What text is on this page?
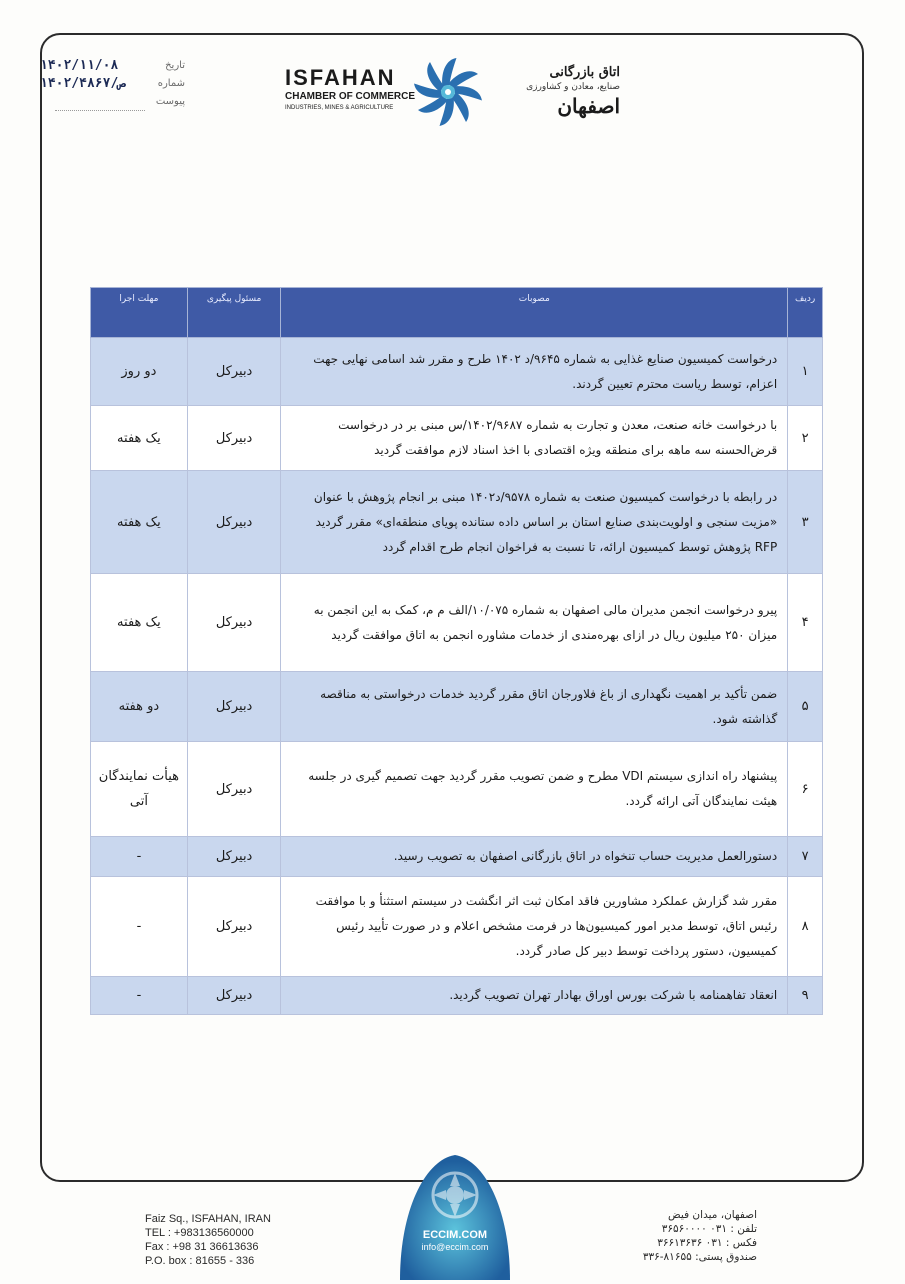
تاریخ
۱۴۰۲/۱۱/۰۸
شماره
۱۴۰۲/ص/۴۸۶۷
پیوست
ISFAHAN
CHAMBER OF COMMERCE
INDUSTRIES, MINES & AGRICULTURE
اتاق بازرگانی
صنایع، معادن و کشاورزی
اصفهان
ردیف	مصوبات	مسئول پیگیری	مهلت اجرا
۱	درخواست کمیسیون صنایع غذایی به شماره ۹۶۴۵/د ۱۴۰۲ طرح و مقرر شد اسامی نهایی جهت اعزام، توسط ریاست محترم تعیین گردند.	دبیرکل	دو روز
۲	با درخواست خانه صنعت، معدن و تجارت به شماره ۱۴۰۲/۹۶۸۷/س مبنی بر در درخواست قرض‌الحسنه سه ماهه برای منطقه ویژه اقتصادی با اخذ اسناد لازم موافقت گردید	دبیرکل	یک هفته
۳	در رابطه با درخواست کمیسیون صنعت به شماره ۹۵۷۸/د۱۴۰۲ مبنی بر انجام پژوهش با عنوان «مزیت سنجی و اولویت‌بندی صنایع استان بر اساس داده ستانده پویای منطقه‌ای» مقرر گردید RFP پژوهش توسط کمیسیون ارائه، تا نسبت به فراخوان انجام طرح اقدام گردد	دبیرکل	یک هفته
۴	پیرو درخواست انجمن مدیران مالی اصفهان به شماره ۱۰/۰۷۵/الف م م، کمک به این انجمن به میزان ۲۵۰ میلیون ریال در ازای بهره‌مندی از خدمات مشاوره انجمن به اتاق موافقت گردید	دبیرکل	یک هفته
۵	ضمن تأکید بر اهمیت نگهداری از باغ فلاورجان اتاق مقرر گردید خدمات درخواستی به مناقصه گذاشته شود.	دبیرکل	دو هفته
۶	پیشنهاد راه اندازی سیستم VDI مطرح و ضمن تصویب مقرر گردید جهت تصمیم گیری در جلسه هیئت نمایندگان آتی ارائه گردد.	دبیرکل	هیأت نمایندگان آتی
۷	دستورالعمل مدیریت حساب تنخواه در اتاق بازرگانی اصفهان به تصویب رسید.	دبیرکل	-
۸	مقرر شد گزارش عملکرد مشاورین فاقد امکان ثبت اثر انگشت در سیستم استثنأ و با موافقت رئیس اتاق، توسط مدیر امور کمیسیون‌ها در فرمت مشخص اعلام و در صورت تأیید رئیس کمیسیون، دستور پرداخت توسط دبیر کل صادر گردد.	دبیرکل	-
۹	انعقاد تفاهمنامه با شرکت بورس اوراق بهادار تهران تصویب گردید.	دبیرکل	-
Faiz Sq., ISFAHAN, IRAN
TEL : +983136560000
Fax : +98 31 36613636
P.O. box : 81655 - 336
ECCIM.COM
info@eccim.com
اصفهان، میدان فیض
تلفن : ۰۳۱ ۳۶۵۶۰۰۰۰
فکس : ۰۳۱ ۳۶۶۱۳۶۳۶
صندوق پستی: ۸۱۶۵۵-۳۳۶
